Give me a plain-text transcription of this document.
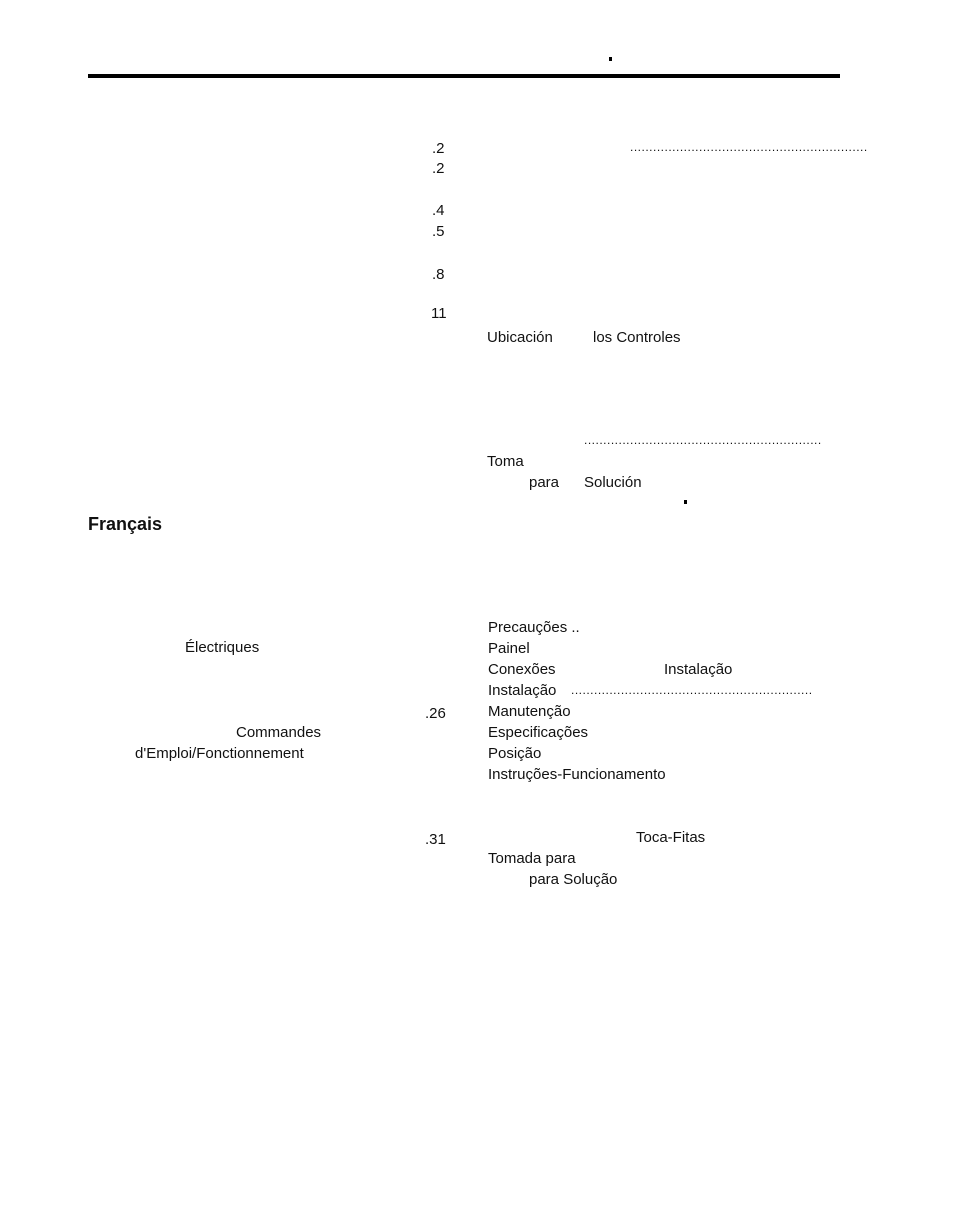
.2
.2
.4
.5
.8
11
.26
.31
..............................................................
..............................................................
...............................................................
Ubicación	los Controles
Toma
para Solución
Français
Électriques
Commandes
d'Emploi/Fonctionnement
Precauções ..
Painel
Conexões	Instalação
Instalação
Manutenção
Especificações
Posição
Instruções-Funcionamento
Toca-Fitas
Tomada para
para Solução
